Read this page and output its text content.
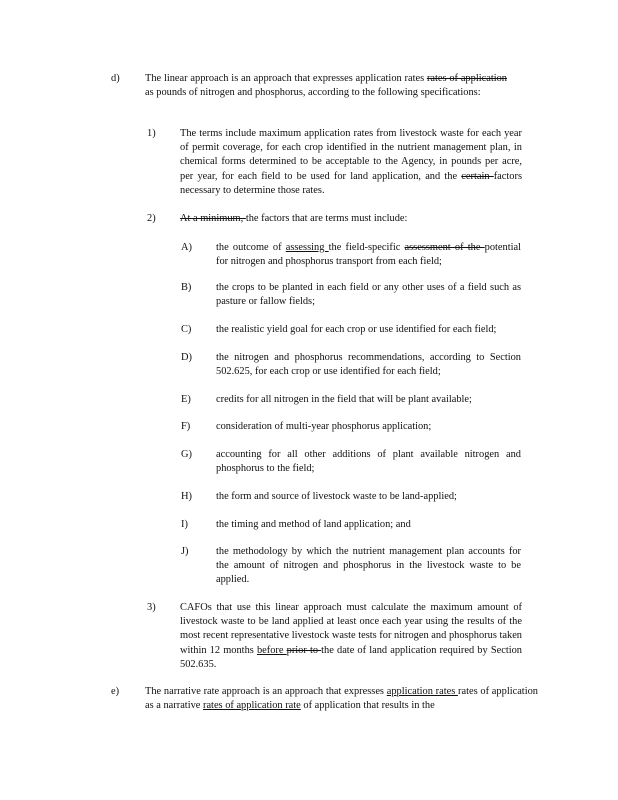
d) The linear approach is an approach that expresses application rates rates of application as pounds of nitrogen and phosphorus, according to the following specifications:
1) The terms include maximum application rates from livestock waste for each year of permit coverage, for each crop identified in the nutrient management plan, in chemical forms determined to be acceptable to the Agency, in pounds per acre, per year, for each field to be used for land application, and the certain factors necessary to determine those rates.
2) At a minimum, the factors that are terms must include:
A) the outcome of assessing the field-specific assessment of the potential for nitrogen and phosphorus transport from each field;
B) the crops to be planted in each field or any other uses of a field such as pasture or fallow fields;
C) the realistic yield goal for each crop or use identified for each field;
D) the nitrogen and phosphorus recommendations, according to Section 502.625, for each crop or use identified for each field;
E) credits for all nitrogen in the field that will be plant available;
F) consideration of multi-year phosphorus application;
G) accounting for all other additions of plant available nitrogen and phosphorus to the field;
H) the form and source of livestock waste to be land-applied;
I)	the timing and method of land application; and
J)	the methodology by which the nutrient management plan accounts for the amount of nitrogen and phosphorus in the livestock waste to be applied.
3) CAFOs that use this linear approach must calculate the maximum amount of livestock waste to be land applied at least once each year using the results of the most recent representative livestock waste tests for nitrogen and phosphorus taken within 12 months before prior to the date of land application required by Section 502.635.
e) The narrative rate approach is an approach that expresses application rates rates of application as a narrative rates of application rate of application that results in the
